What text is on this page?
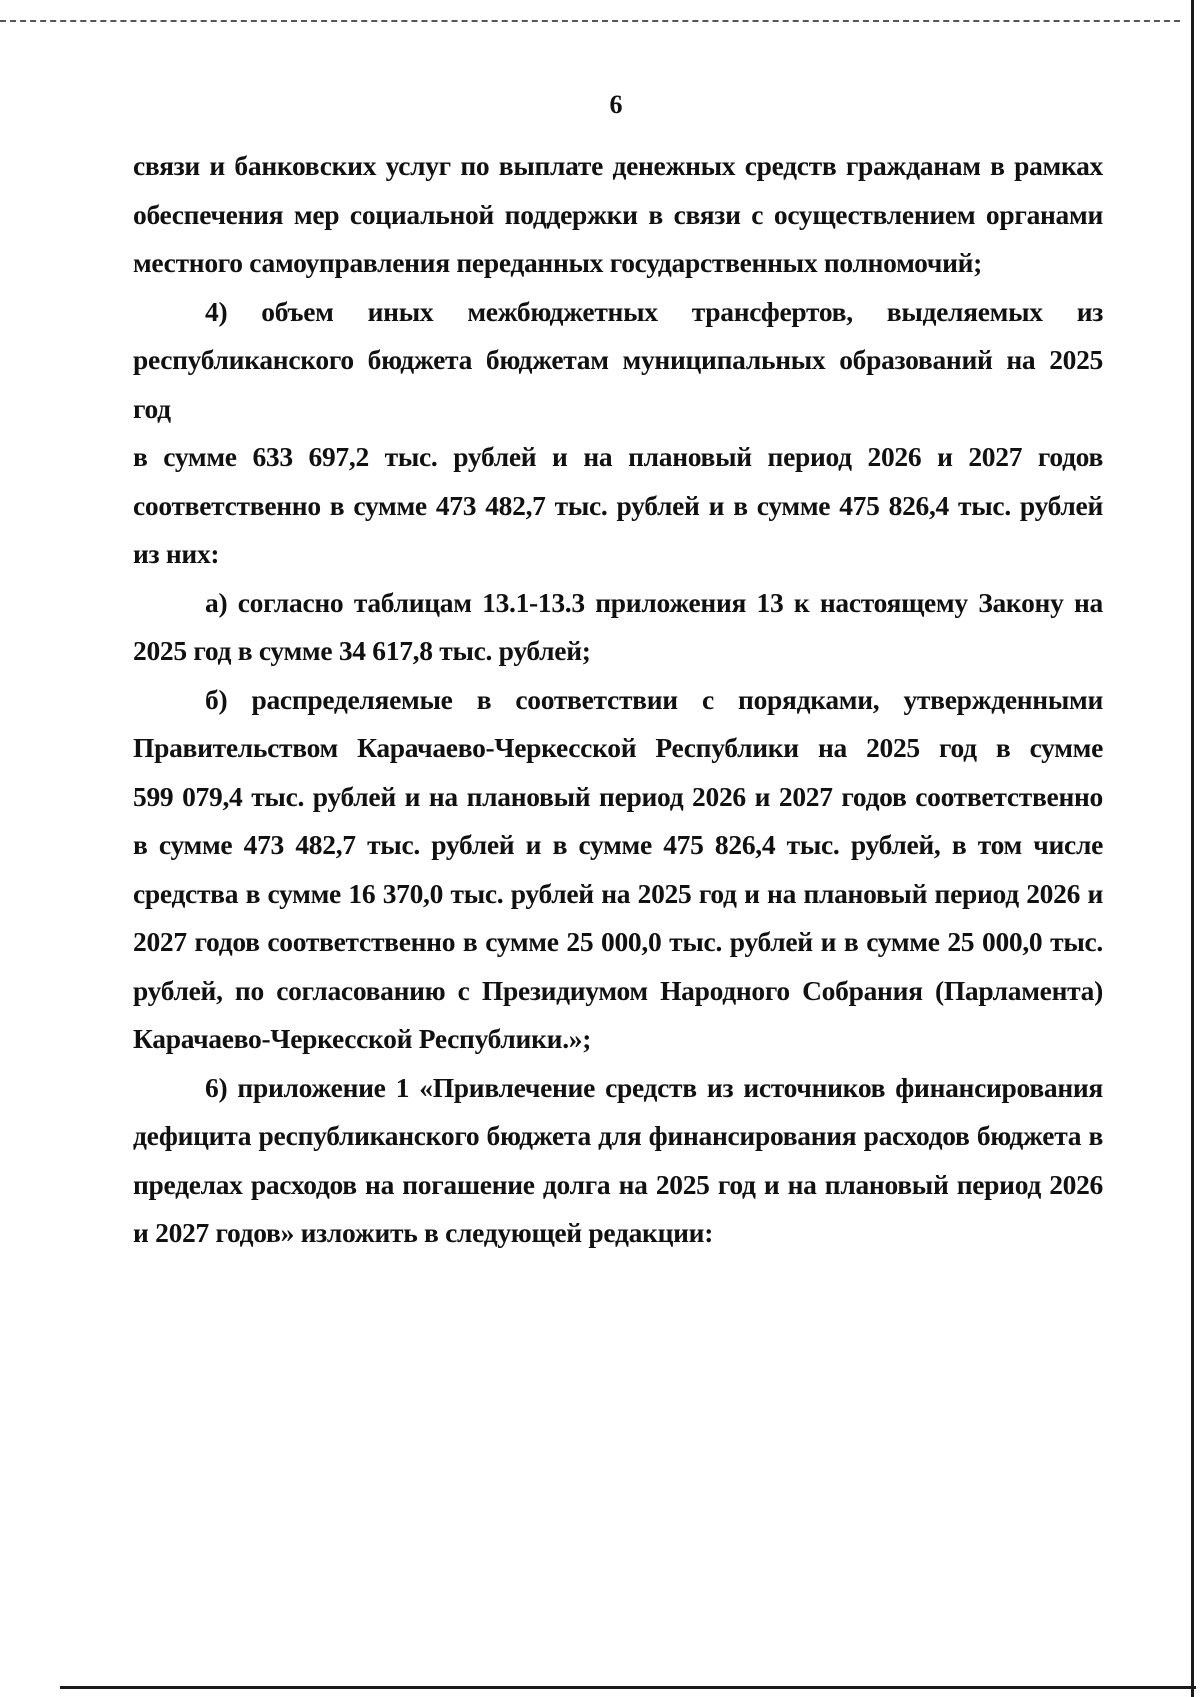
6

связи и банковских услуг по выплате денежных средств гражданам в рамках
обеспечения мер социальной поддержки в связи с осуществлением органами
местного самоуправления переданных государственных полномочий;
4) объем иных межбюджетных трансфертов, выделяемых из
республиканского бюджета бюджетам муниципальных образований на 2025 год
в сумме 633 697,2 тыс. рублей и на плановый период 2026 и 2027 годов
соответственно в сумме 473 482,7 тыс. рублей и в сумме 475 826,4 тыс. рублей
из них:
а) согласно таблицам 13.1-13.3 приложения 13 к настоящему Закону на
2025 год в сумме 34 617,8 тыс. рублей;
б) распределяемые в соответствии с порядками, утвержденными
Правительством Карачаево-Черкесской Республики на 2025 год в сумме
599 079,4 тыс. рублей и на плановый период 2026 и 2027 годов соответственно
в сумме 473 482,7 тыс. рублей и в сумме 475 826,4 тыс. рублей, в том числе
средства в сумме 16 370,0 тыс. рублей на 2025 год и на плановый период 2026 и
2027 годов соответственно в сумме 25 000,0 тыс. рублей и в сумме 25 000,0 тыс.
рублей, по согласованию с Президиумом Народного Собрания (Парламента)
Карачаево-Черкесской Республики.»;
6) приложение 1 «Привлечение средств из источников финансирования
дефицита республиканского бюджета для финансирования расходов бюджета в
пределах расходов на погашение долга на 2025 год и на плановый период 2026
и 2027 годов» изложить в следующей редакции:
